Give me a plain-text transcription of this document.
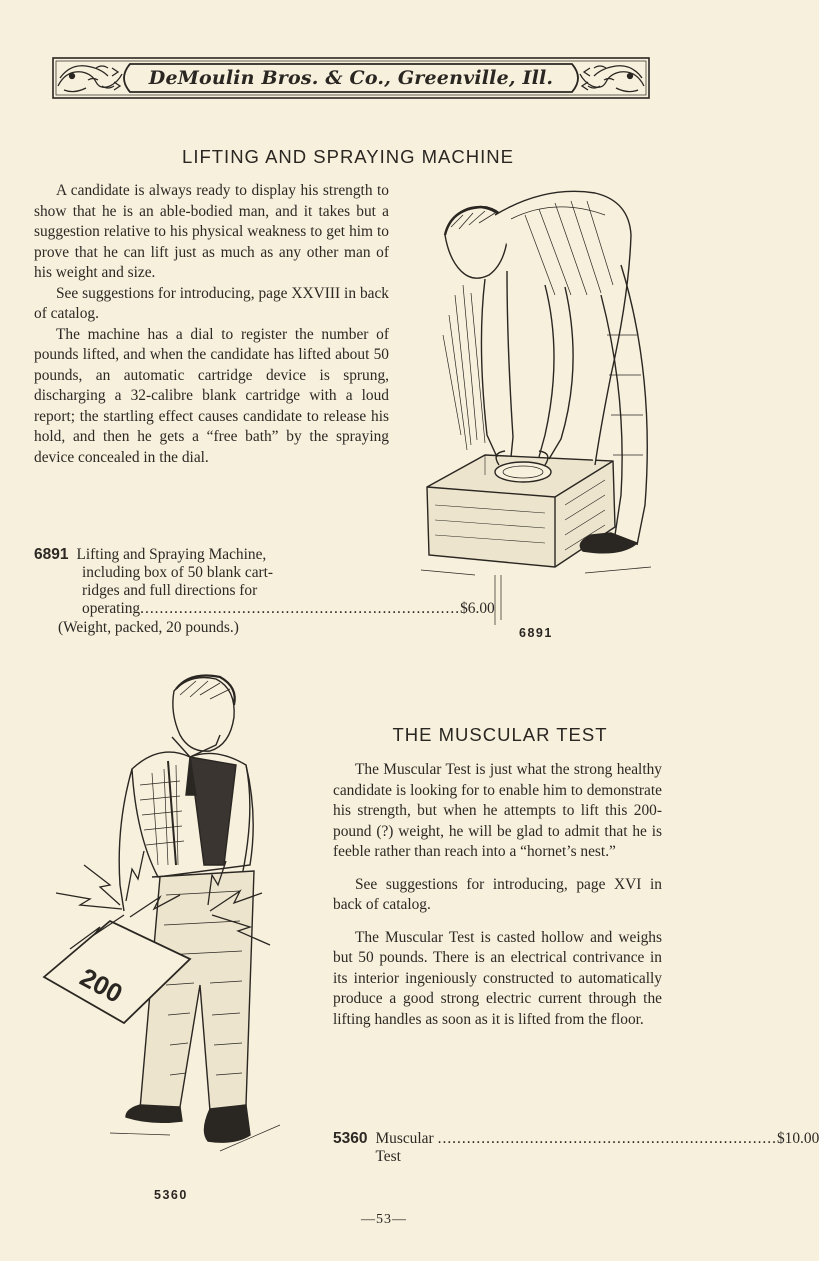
DeMoulin Bros. & Co., Greenville, Ill.
LIFTING AND SPRAYING MACHINE

A candidate is always ready to display his strength to show that he is an able-bodied man, and it takes but a suggestion relative to his physical weakness to get him to prove that he can lift just as much as any other man of his weight and size.

See suggestions for introducing, page XXVIII in back of catalog.

The machine has a dial to register the number of pounds lifted, and when the candidate has lifted about 50 pounds, an automatic cartridge device is sprung, discharging a 32-calibre blank cartridge with a loud report; the startling effect causes candidate to release his hold, and then he gets a “free bath” by the spraying device concealed in the dial.

6891 Lifting and Spraying Machine,
including box of 50 blank cart-
ridges and full directions for
operating .................................................................. $6.00
(Weight, packed, 20 pounds.)	6891
THE MUSCULAR TEST

The Muscular Test is just what the strong healthy candidate is looking for to enable him to demonstrate his strength, but when he attempts to lift this 200-pound (?) weight, he will be glad to admit that he is feeble rather than reach into a “hornet’s nest.”

See suggestions for introducing, page XVI in back of catalog.

The Muscular Test is casted hollow and weighs but 50 pounds. There is an electrical contrivance in its interior ingeniously constructed to automatically produce a good strong electric current through the lifting handles as soon as it is lifted from the floor.

5360 Muscular Test
...................................................................... $10.00
200
5360
—53—
